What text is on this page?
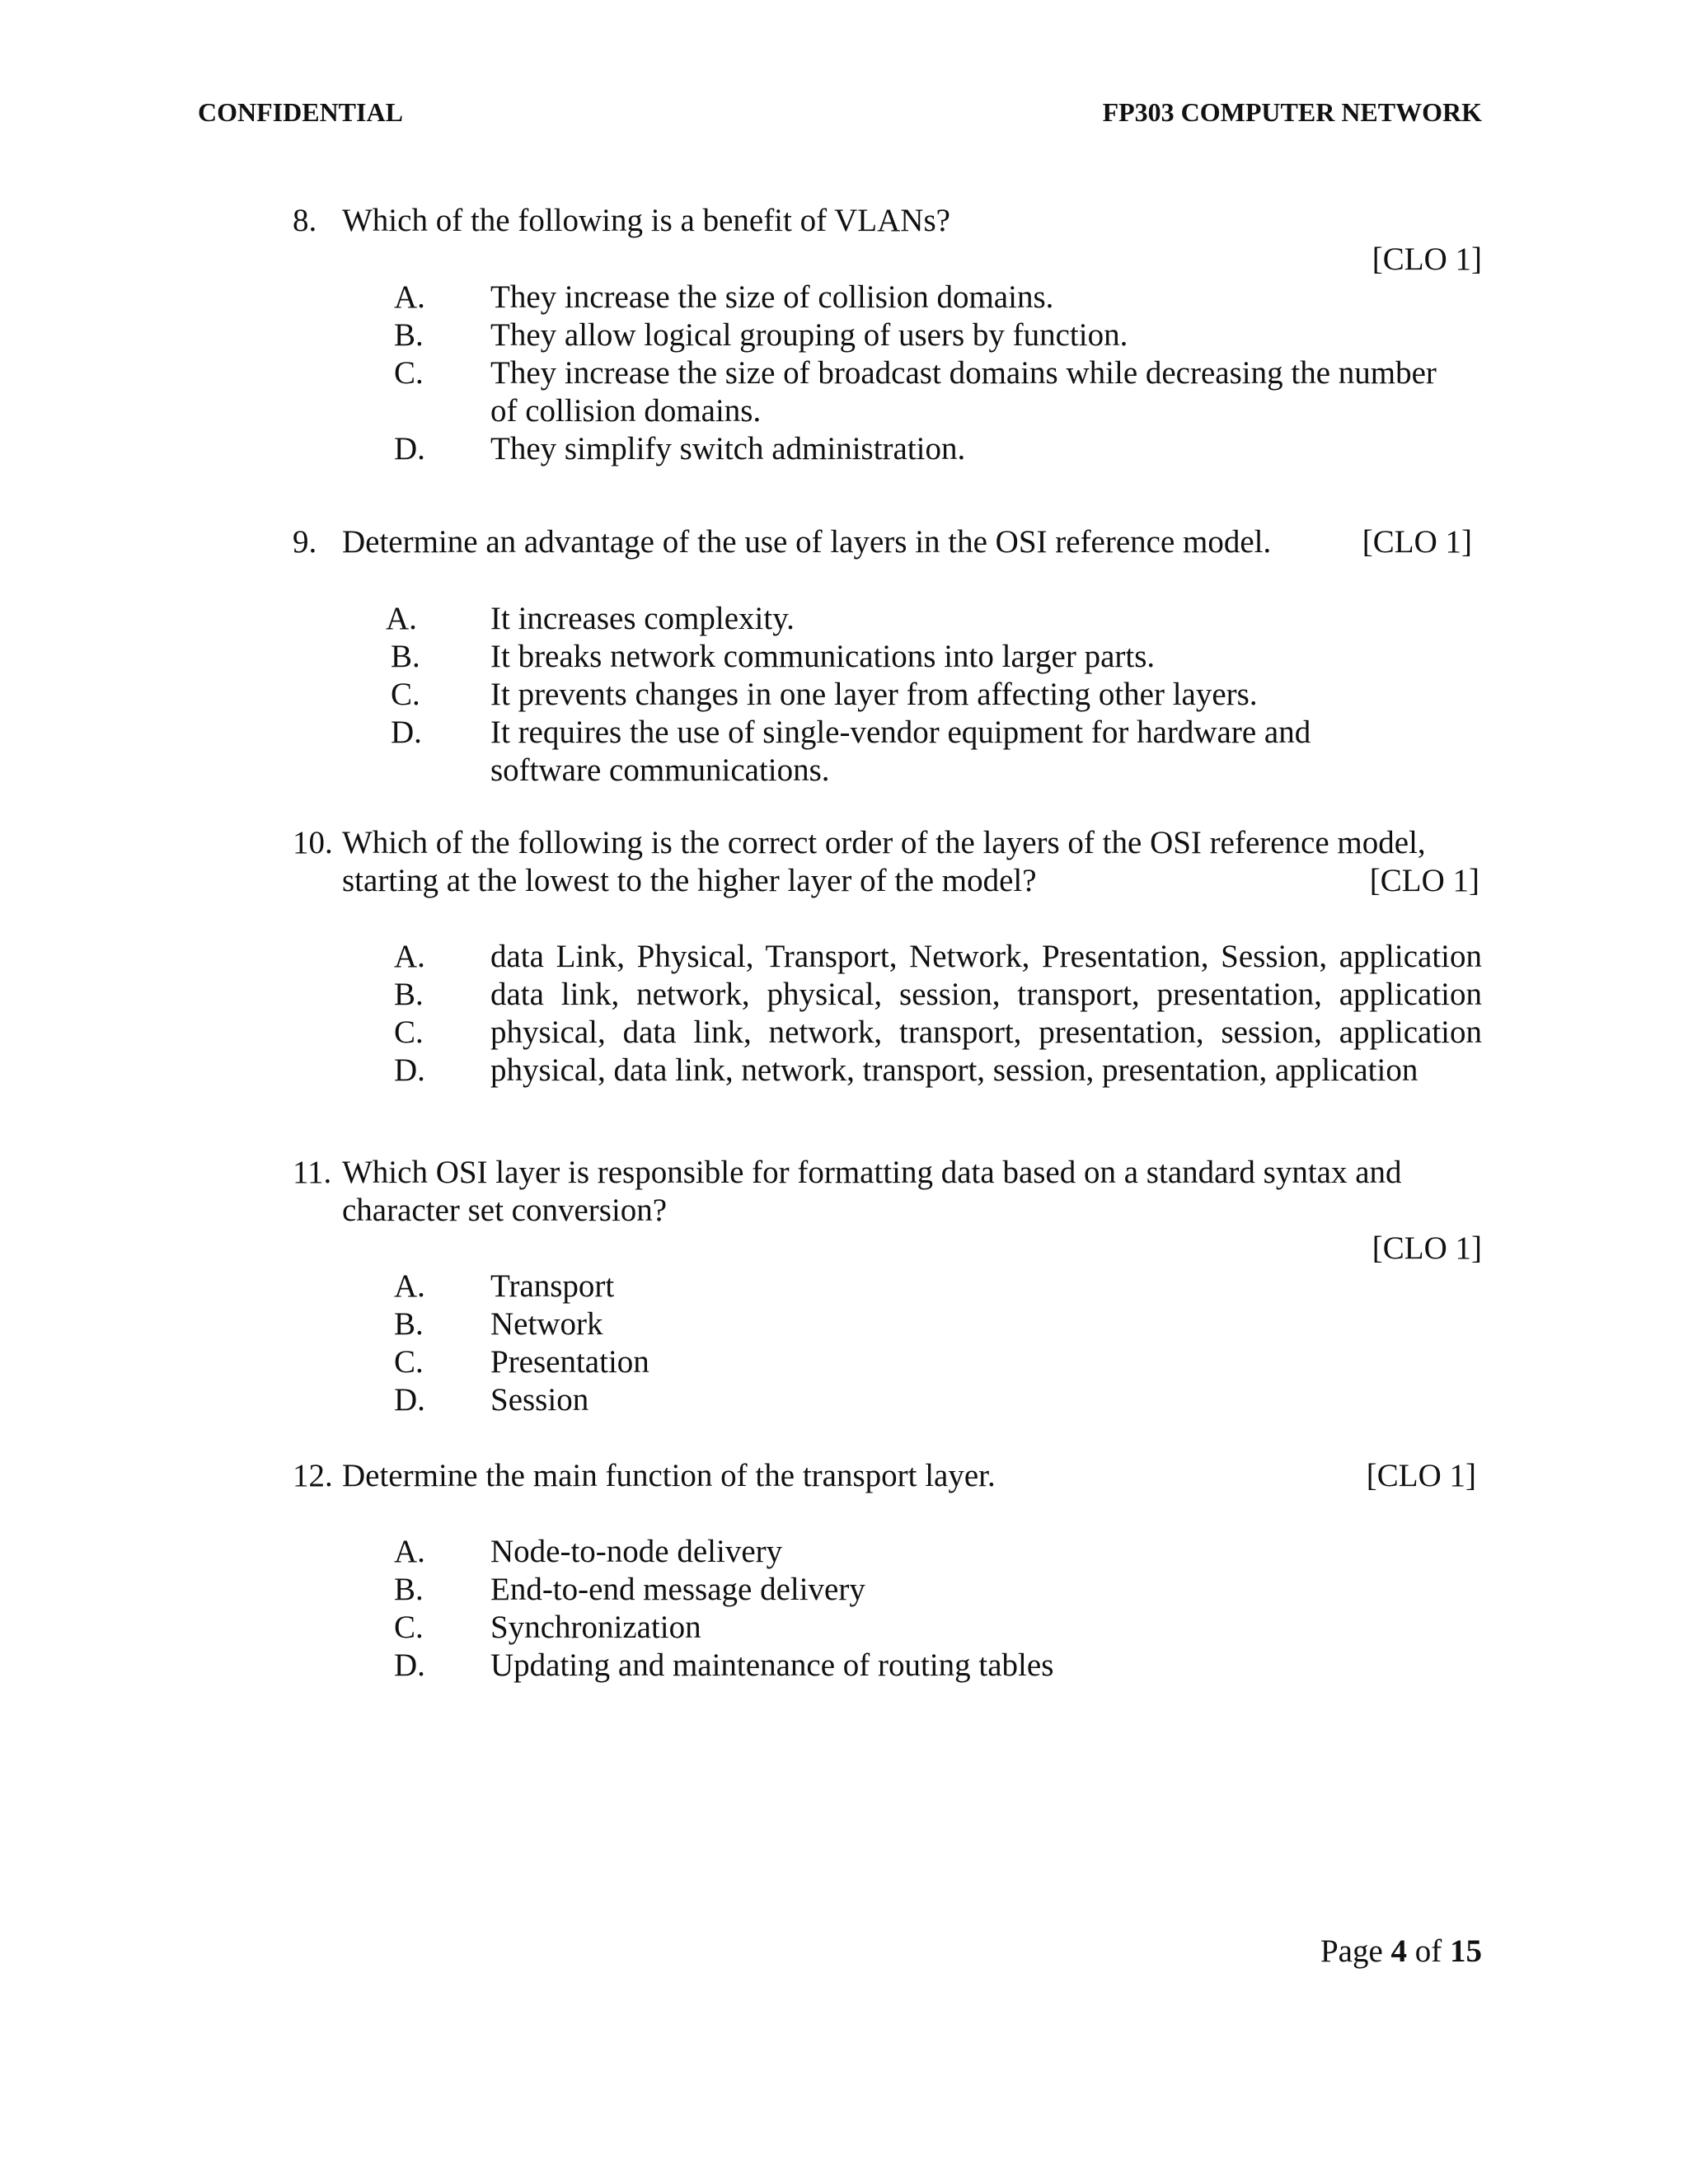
CONFIDENTIAL	FP303 COMPUTER NETWORK
8. Which of the following is a benefit of VLANs?
[CLO 1]
A. They increase the size of collision domains.
B. They allow logical grouping of users by function.
C. They increase the size of broadcast domains while decreasing the number
of collision domains.
D. They simplify switch administration.
9. Determine an advantage of the use of layers in the OSI reference model.	[CLO 1]
A. It increases complexity.
B. It breaks network communications into larger parts.
C. It prevents changes in one layer from affecting other layers.
D. It requires the use of single-vendor equipment for hardware and
software communications.
10. Which of the following is the correct order of the layers of the OSI reference model,
starting at the lowest to the higher layer of the model?	[CLO 1]
A. data Link, Physical, Transport, Network, Presentation, Session, application
B. data link, network, physical, session, transport, presentation, application
C. physical, data link, network, transport, presentation, session, application
D. physical, data link, network, transport, session, presentation, application
11. Which OSI layer is responsible for formatting data based on a standard syntax and
character set conversion?
[CLO 1]
A. Transport
B. Network
C. Presentation
D. Session
12. Determine the main function of the transport layer.	[CLO 1]
A. Node-to-node delivery
B. End-to-end message delivery
C. Synchronization
D. Updating and maintenance of routing tables
Page 4 of 15
